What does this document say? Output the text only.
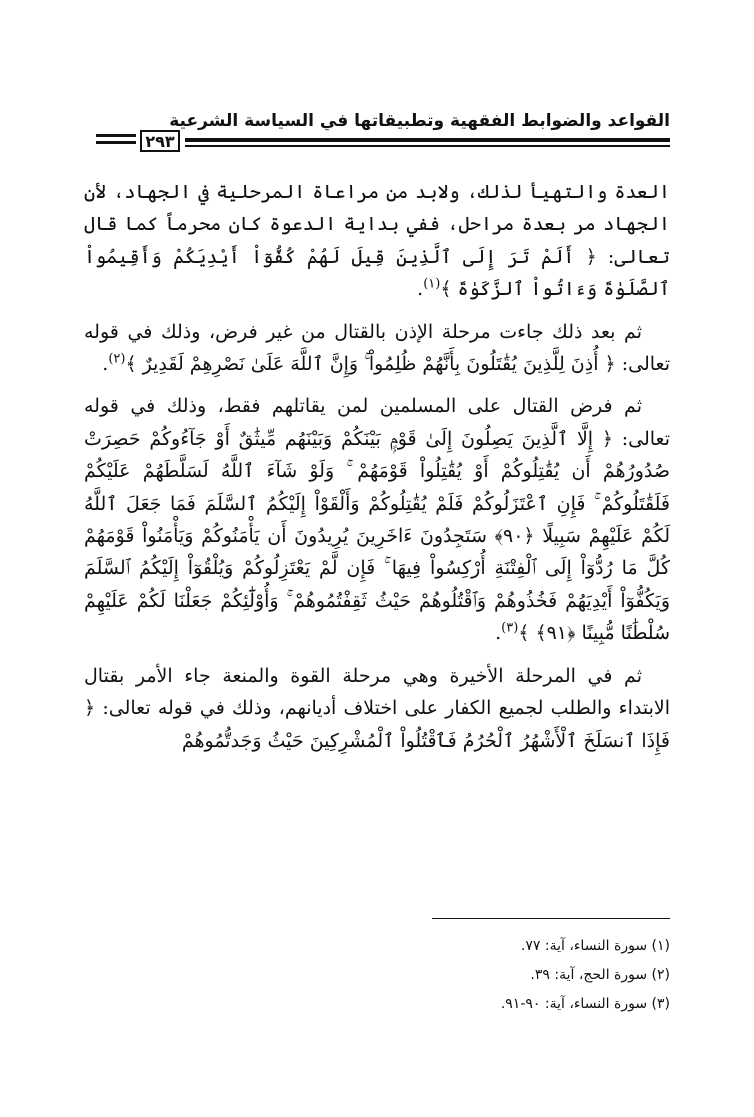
القواعد والضوابط الفقهية وتطبيقاتها في السياسة الشرعية
٢٩٣

العدة والتهيأ لذلك، ولابد من مراعاة المرحلية في الجهاد، لأن الجهاد مر بعدة مراحل، ففي بداية الدعوة كان محرماً كما قال تعالى: ﴿ أَلَمْ تَرَ إِلَى ٱلَّذِينَ قِيلَ لَهُمْ كُفُّوٓاْ أَيْدِيَكُمْ وَأَقِيمُواْ ٱلصَّلَوٰةَ وَءَاتُواْ ٱلزَّكَوٰةَ ﴾$^{(١)}$.

ثم بعد ذلك جاءت مرحلة الإذن بالقتال من غير فرض، وذلك في قوله تعالى: ﴿ أُذِنَ لِلَّذِينَ يُقَٰتَلُونَ بِأَنَّهُمْ ظُلِمُواْ ۚ وَإِنَّ ٱللَّهَ عَلَىٰ نَصْرِهِمْ لَقَدِيرٌ ﴾$^{(٢)}$.

ثم فرض القتال على المسلمين لمن يقاتلهم فقط، وذلك في قوله تعالى: ﴿ إِلَّا ٱلَّذِينَ يَصِلُونَ إِلَىٰ قَوْمٍۭ بَيْنَكُمْ وَبَيْنَهُم مِّيثَٰقٌ أَوْ جَآءُوكُمْ حَصِرَتْ صُدُورُهُمْ أَن يُقَٰتِلُوكُمْ أَوْ يُقَٰتِلُواْ قَوْمَهُمْ ۚ وَلَوْ شَآءَ ٱللَّهُ لَسَلَّطَهُمْ عَلَيْكُمْ فَلَقَٰتَلُوكُمْ ۚ فَإِنِ ٱعْتَزَلُوكُمْ فَلَمْ يُقَٰتِلُوكُمْ وَأَلْقَوْاْ إِلَيْكُمُ ٱلسَّلَمَ فَمَا جَعَلَ ٱللَّهُ لَكُمْ عَلَيْهِمْ سَبِيلًا ﴿٩٠﴾ سَتَجِدُونَ ءَاخَرِينَ يُرِيدُونَ أَن يَأْمَنُوكُمْ وَيَأْمَنُواْ قَوْمَهُمْ كُلَّ مَا رُدُّوٓاْ إِلَى ٱلْفِتْنَةِ أُرْكِسُواْ فِيهَا ۚ فَإِن لَّمْ يَعْتَزِلُوكُمْ وَيُلْقُوٓاْ إِلَيْكُمُ ٱلسَّلَمَ وَيَكُفُّوٓاْ أَيْدِيَهُمْ فَخُذُوهُمْ وَٱقْتُلُوهُمْ حَيْثُ ثَقِفْتُمُوهُمْ ۚ وَأُوْلَٰٓئِكُمْ جَعَلْنَا لَكُمْ عَلَيْهِمْ سُلْطَٰنًا مُّبِينًا ﴿٩١﴾ ﴾$^{(٣)}$.

ثم في المرحلة الأخيرة وهي مرحلة القوة والمنعة جاء الأمر بقتال الابتداء والطلب لجميع الكفار على اختلاف أديانهم، وذلك في قوله تعالى: ﴿ فَإِذَا ٱنسَلَخَ ٱلْأَشْهُرُ ٱلْحُرُمُ فَٱقْتُلُواْ ٱلْمُشْرِكِينَ حَيْثُ وَجَدتُّمُوهُمْ

(١) سورة النساء، آية: ٧٧.
(٢) سورة الحج، آية: ٣٩.
(٣) سورة النساء، آية: ٩٠-٩١.
